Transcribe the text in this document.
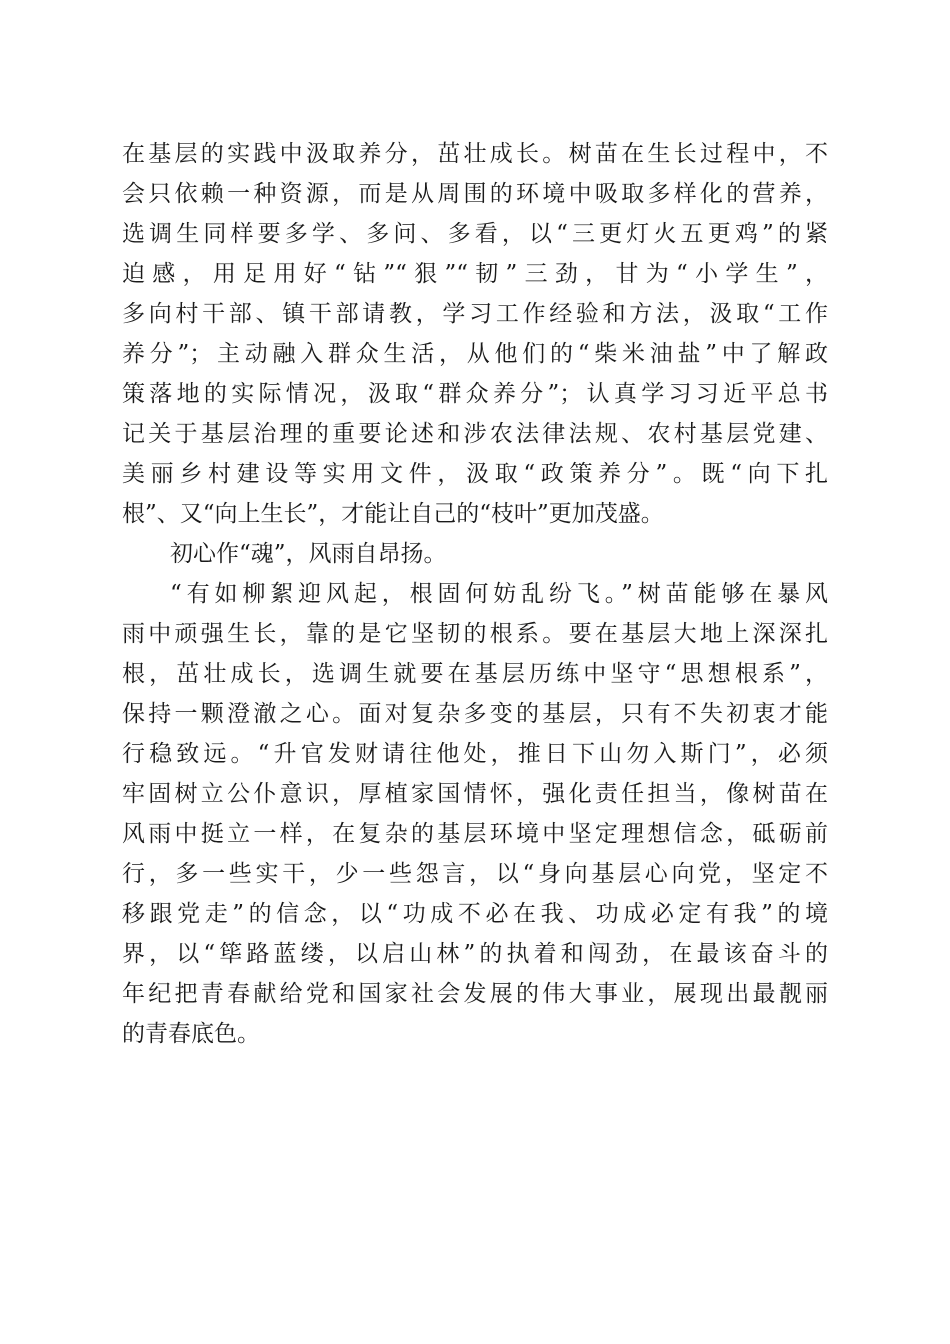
在基层的实践中汲取养分，茁壮成长。树苗在生长过程中，不
会只依赖一种资源，而是从周围的环境中吸取多样化的营养，
选调生同样要多学、多问、多看，以“三更灯火五更鸡”的紧
迫感，用足用好“钻”“狠”“韧”三劲，甘为“小学生”，
多向村干部、镇干部请教，学习工作经验和方法，汲取“工作
养分”；主动融入群众生活，从他们的“柴米油盐”中了解政
策落地的实际情况，汲取“群众养分”；认真学习习近平总书
记关于基层治理的重要论述和涉农法律法规、农村基层党建、
美丽乡村建设等实用文件，汲取“政策养分”。既“向下扎
根”、又“向上生长”，才能让自己的“枝叶”更加茂盛。
初心作“魂”，风雨自昂扬。
“有如柳絮迎风起，根固何妨乱纷飞。”树苗能够在暴风
雨中顽强生长，靠的是它坚韧的根系。要在基层大地上深深扎
根，茁壮成长，选调生就要在基层历练中坚守“思想根系”，
保持一颗澄澈之心。面对复杂多变的基层，只有不失初衷才能
行稳致远。“升官发财请往他处，推日下山勿入斯门”，必须
牢固树立公仆意识，厚植家国情怀，强化责任担当，像树苗在
风雨中挺立一样，在复杂的基层环境中坚定理想信念，砥砺前
行，多一些实干，少一些怨言，以“身向基层心向党，坚定不
移跟党走”的信念，以“功成不必在我、功成必定有我”的境
界，以“筚路蓝缕，以启山林”的执着和闯劲，在最该奋斗的
年纪把青春献给党和国家社会发展的伟大事业，展现出最靓丽
的青春底色。
